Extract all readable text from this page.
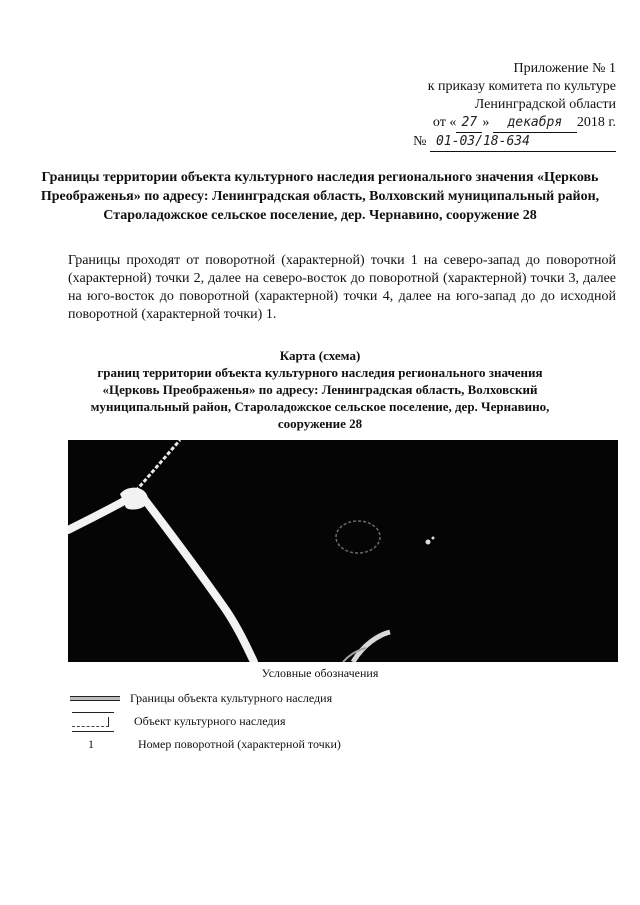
Приложение № 1
к приказу комитета по культуре
Ленинградской области
от « 27 » декабря 2018 г.
№ 01-03/18-634
Границы территории объекта культурного наследия регионального значения «Церковь Преображенья» по адресу: Ленинградская область, Волховский муниципальный район, Староладожское сельское поселение, дер. Чернавино, сооружение 28
Границы проходят от поворотной (характерной) точки 1 на северо-запад до поворотной (характерной) точки 2, далее на северо-восток до поворотной (характерной) точки 3, далее на юго-восток до поворотной (характерной) точки 4, далее на юго-запад до до исходной поворотной (характерной точки) 1.
Карта (схема)
границ территории объекта культурного наследия регионального значения
«Церковь Преображенья» по адресу: Ленинградская область, Волховский
муниципальный район, Староладожское сельское поселение, дер. Чернавино,
сооружение 28
Условные обозначения
Границы объекта культурного наследия
Объект культурного наследия
1	Номер поворотной (характерной точки)
